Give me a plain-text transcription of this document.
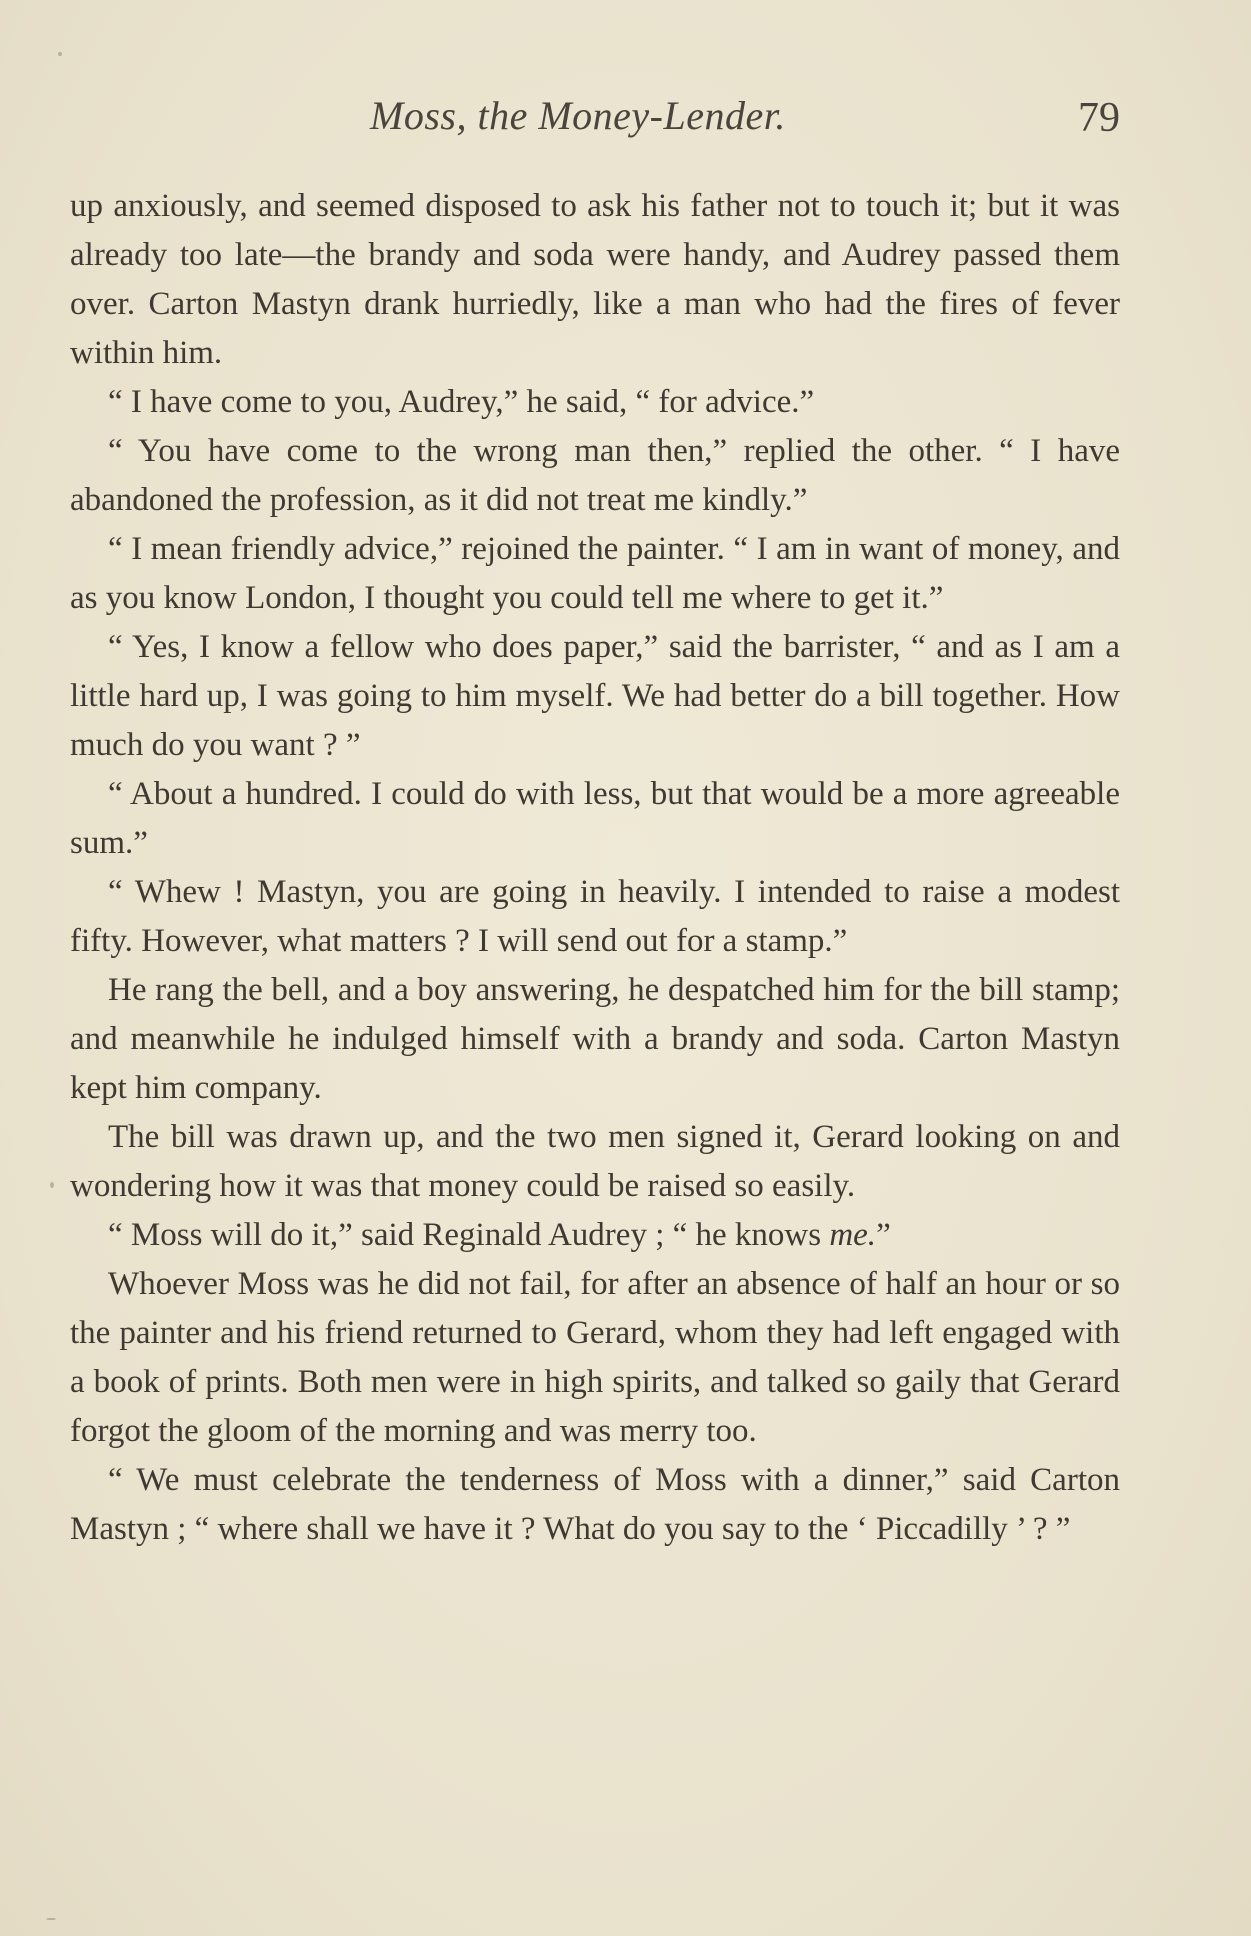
Moss, the Money-Lender.	79

up anxiously, and seemed disposed to ask his father not to touch it; but it was already too late—the brandy and soda were handy, and Audrey passed them over. Carton Mastyn drank hurriedly, like a man who had the fires of fever within him.

“ I have come to you, Audrey,” he said, “ for advice.”

“ You have come to the wrong man then,” replied the other. “ I have abandoned the profession, as it did not treat me kindly.”

“ I mean friendly advice,” rejoined the painter. “ I am in want of money, and as you know London, I thought you could tell me where to get it.”

“ Yes, I know a fellow who does paper,” said the barrister, “ and as I am a little hard up, I was going to him myself. We had better do a bill together. How much do you want ? ”

“ About a hundred. I could do with less, but that would be a more agreeable sum.”

“ Whew ! Mastyn, you are going in heavily. I intended to raise a modest fifty. However, what matters ? I will send out for a stamp.”

He rang the bell, and a boy answering, he despatched him for the bill stamp; and meanwhile he indulged himself with a brandy and soda. Carton Mastyn kept him company.

The bill was drawn up, and the two men signed it, Gerard looking on and wondering how it was that money could be raised so easily.

“ Moss will do it,” said Reginald Audrey ; “ he knows me.”

Whoever Moss was he did not fail, for after an absence of half an hour or so the painter and his friend returned to Gerard, whom they had left engaged with a book of prints. Both men were in high spirits, and talked so gaily that Gerard forgot the gloom of the morning and was merry too.

“ We must celebrate the tenderness of Moss with a dinner,” said Carton Mastyn ; “ where shall we have it ? What do you say to the ‘ Piccadilly ’ ? ”
